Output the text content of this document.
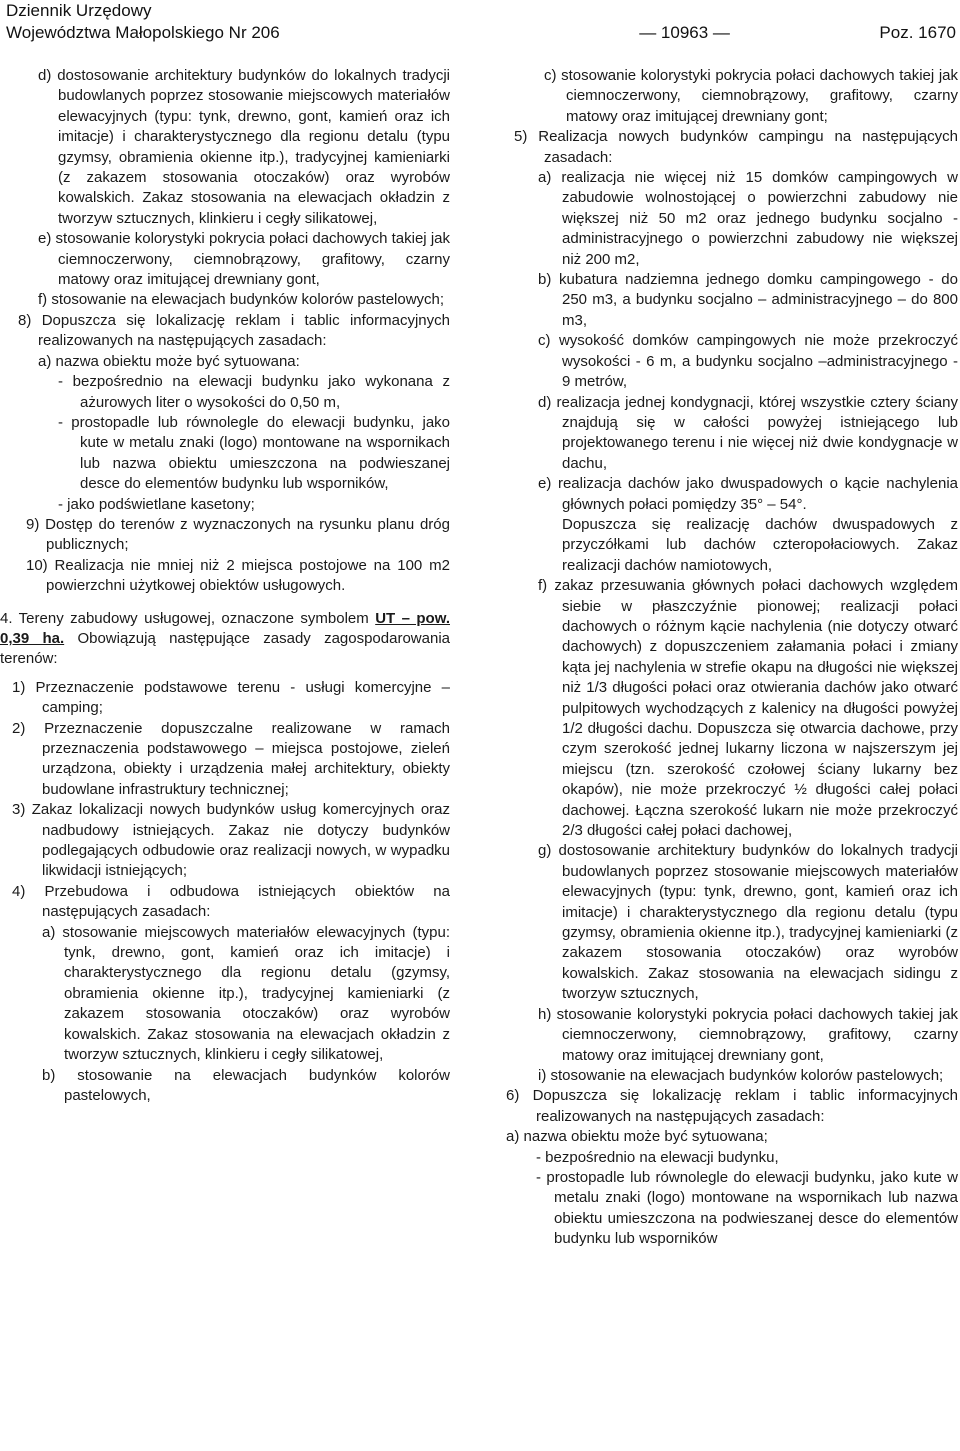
Dziennik Urzędowy
Województwa Małopolskiego Nr 206	— 10963 —	Poz. 1670

d) dostosowanie architektury budynków do lokalnych tradycji budowlanych poprzez stosowanie miejscowych materiałów elewacyjnych (typu: tynk, drewno, gont, kamień oraz ich imitacje) i charakterystycznego dla regionu detalu (typu gzymsy, obramienia okienne itp.), tradycyjnej kamieniarki (z zakazem stosowania otoczaków) oraz wyrobów kowalskich. Zakaz stosowania na elewacjach okładzin z tworzyw sztucznych, klinkieru i cegły silikatowej,

e) stosowanie kolorystyki pokrycia połaci dachowych takiej jak ciemnoczerwony, ciemnobrązowy, grafitowy, czarny matowy oraz imitującej drewniany gont,

f) stosowanie na elewacjach budynków kolorów pastelowych;

8) Dopuszcza się lokalizację reklam i tablic informacyjnych realizowanych na następujących zasadach:

a) nazwa obiektu może być sytuowana:

- bezpośrednio na elewacji budynku jako wykonana z ażurowych liter o wysokości do 0,50 m,

- prostopadle lub równolegle do elewacji budynku, jako kute w metalu znaki (logo) montowane na wspornikach lub nazwa obiektu umieszczona na podwieszanej desce do elementów budynku lub wsporników,

- jako podświetlane kasetony;

9) Dostęp do terenów z wyznaczonych na rysunku planu dróg publicznych;

10) Realizacja nie mniej niż 2 miejsca postojowe na 100 m2 powierzchni użytkowej obiektów usługowych.

4. Tereny zabudowy usługowej, oznaczone symbolem UT – pow. 0,39 ha. Obowiązują następujące zasady zagospodarowania terenów:

1) Przeznaczenie podstawowe terenu - usługi komercyjne – camping;

2) Przeznaczenie dopuszczalne realizowane w ramach przeznaczenia podstawowego – miejsca postojowe, zieleń urządzona, obiekty i urządzenia małej architektury, obiekty budowlane infrastruktury technicznej;

3) Zakaz lokalizacji nowych budynków usług komercyjnych oraz nadbudowy istniejących. Zakaz nie dotyczy budynków podlegających odbudowie oraz realizacji nowych, w wypadku likwidacji istniejących;

4) Przebudowa i odbudowa istniejących obiektów na następujących zasadach:

a) stosowanie miejscowych materiałów elewacyjnych (typu: tynk, drewno, gont, kamień oraz ich imitacje) i charakterystycznego dla regionu detalu (gzymsy, obramienia okienne itp.), tradycyjnej kamieniarki (z zakazem stosowania otoczaków) oraz wyrobów kowalskich. Zakaz stosowania na elewacjach okładzin z tworzyw sztucznych, klinkieru i cegły silikatowej,

b) stosowanie na elewacjach budynków kolorów pastelowych,

c) stosowanie kolorystyki pokrycia połaci dachowych takiej jak ciemnoczerwony, ciemnobrązowy, grafitowy, czarny matowy oraz imitującej drewniany gont;

5) Realizacja nowych budynków campingu na następujących zasadach:

a) realizacja nie więcej niż 15 domków campingowych w zabudowie wolnostojącej o powierzchni zabudowy nie większej niż 50 m2 oraz jednego budynku socjalno -administracyjnego o powierzchni zabudowy nie większej niż 200 m2,

b) kubatura nadziemna jednego domku campingowego - do 250 m3, a budynku socjalno – administracyjnego – do 800 m3,

c) wysokość domków campingowych nie może przekroczyć wysokości - 6 m, a budynku socjalno –administracyjnego - 9 metrów,

d) realizacja jednej kondygnacji, której wszystkie cztery ściany znajdują się w całości powyżej istniejącego lub projektowanego terenu i nie więcej niż dwie kondygnacje w dachu,

e) realizacja dachów jako dwuspadowych o kącie nachylenia głównych połaci pomiędzy 35° – 54°.

Dopuszcza się realizację dachów dwuspadowych z przyczółkami lub dachów czteropołaciowych. Zakaz realizacji dachów namiotowych,

f) zakaz przesuwania głównych połaci dachowych względem siebie w płaszczyźnie pionowej; realizacji połaci dachowych o różnym kącie nachylenia (nie dotyczy otwarć dachowych) z dopuszczeniem załamania połaci i zmiany kąta jej nachylenia w strefie okapu na długości nie większej niż 1/3 długości połaci oraz otwierania dachów jako otwarć pulpitowych wychodzących z kalenicy na długości powyżej 1/2 długości dachu. Dopuszcza się otwarcia dachowe, przy czym szerokość jednej lukarny liczona w najszerszym jej miejscu (tzn. szerokość czołowej ściany lukarny bez okapów), nie może przekroczyć ½ długości całej połaci dachowej. Łączna szerokość lukarn nie może przekroczyć 2/3 długości całej połaci dachowej,

g) dostosowanie architektury budynków do lokalnych tradycji budowlanych poprzez stosowanie miejscowych materiałów elewacyjnych (typu: tynk, drewno, gont, kamień oraz ich imitacje) i charakterystycznego dla regionu detalu (typu gzymsy, obramienia okienne itp.), tradycyjnej kamieniarki (z zakazem stosowania otoczaków) oraz wyrobów kowalskich. Zakaz stosowania na elewacjach sidingu z tworzyw sztucznych,

h) stosowanie kolorystyki pokrycia połaci dachowych takiej jak ciemnoczerwony, ciemnobrązowy, grafitowy, czarny matowy oraz imitującej drewniany gont,

i) stosowanie na elewacjach budynków kolorów pastelowych;

6) Dopuszcza się lokalizację reklam i tablic informacyjnych realizowanych na następujących zasadach:

a) nazwa obiektu może być sytuowana;

- bezpośrednio na elewacji budynku,

- prostopadle lub równolegle do elewacji budynku, jako kute w metalu znaki (logo) montowane na wspornikach lub nazwa obiektu umieszczona na podwieszanej desce do elementów budynku lub wsporników
